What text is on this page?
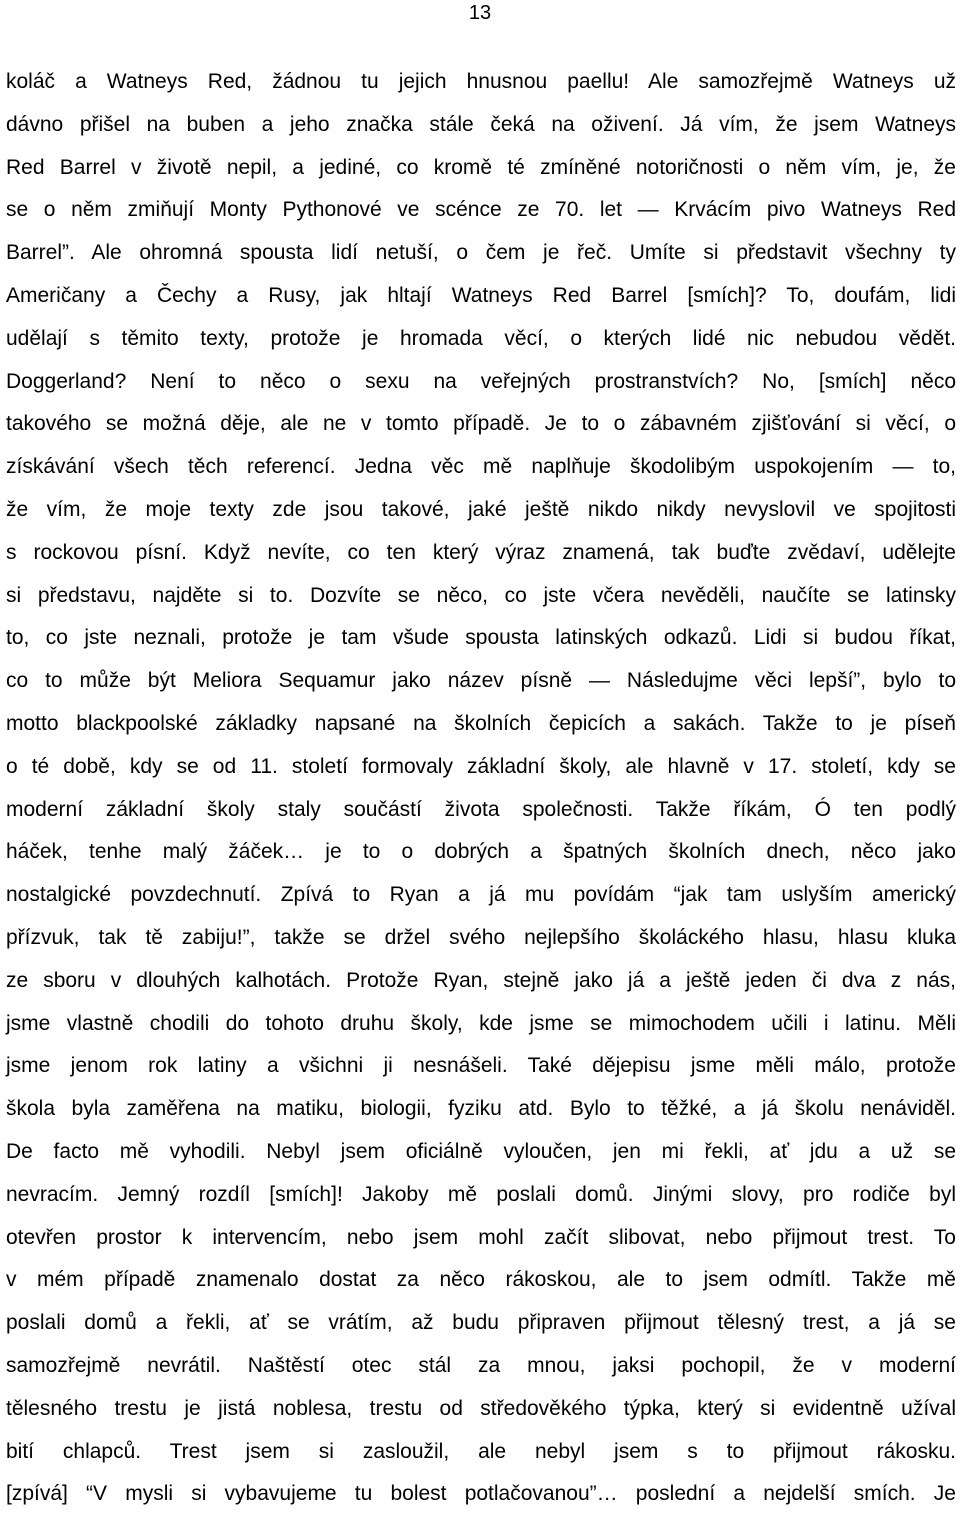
13
koláč a Watneys Red, žádnou tu jejich hnusnou paellu! Ale samozřejmě Watneys už
dávno přišel na buben a jeho značka stále čeká na oživení. Já vím, že jsem Watneys
Red Barrel v životě nepil, a jediné, co kromě té zmíněné notoričnosti o něm vím, je, že
se o něm zmiňují Monty Pythonové ve scénce ze 70. let — Krvácím pivo Watneys Red
Barrel”. Ale ohromná spousta lidí netuší, o čem je řeč. Umíte si představit všechny ty
Američany a Čechy a Rusy, jak hltají Watneys Red Barrel [smích]? To, doufám, lidi
udělají s těmito texty, protože je hromada věcí, o kterých lidé nic nebudou vědět.
Doggerland? Není to něco o sexu na veřejných prostranstvích? No, [smích] něco
takového se možná děje, ale ne v tomto případě. Je to o zábavném zjišťování si věcí, o
získávání všech těch referencí. Jedna věc mě naplňuje škodolibým uspokojením — to,
že vím, že moje texty zde jsou takové, jaké ještě nikdo nikdy nevyslovil ve spojitosti
s rockovou písní. Když nevíte, co ten který výraz znamená, tak buďte zvědaví, udělejte
si představu, najděte si to. Dozvíte se něco, co jste včera nevěděli, naučíte se latinsky
to, co jste neznali, protože je tam všude spousta latinských odkazů. Lidi si budou říkat,
co to může být Meliora Sequamur jako název písně — Následujme věci lepší”, bylo to
motto blackpoolské základky napsané na školních čepicích a sakách. Takže to je píseň
o té době, kdy se od 11. století formovaly základní školy, ale hlavně v 17. století, kdy se
moderní základní školy staly součástí života společnosti. Takže říkám, Ó ten podlý
háček, tenhe malý žáček… je to o dobrých a špatných školních dnech, něco jako
nostalgické povzdechnutí. Zpívá to Ryan a já mu povídám “jak tam uslyším americký
přízvuk, tak tě zabiju!”, takže se držel svého nejlepšího školáckého hlasu, hlasu kluka
ze sboru v dlouhých kalhotách. Protože Ryan, stejně jako já a ještě jeden či dva z nás,
jsme vlastně chodili do tohoto druhu školy, kde jsme se mimochodem učili i latinu. Měli
jsme jenom rok latiny a všichni ji nesnášeli. Také dějepisu jsme měli málo, protože
škola byla zaměřena na matiku, biologii, fyziku atd. Bylo to těžké, a já školu nenáviděl.
De facto mě vyhodili. Nebyl jsem oficiálně vyloučen, jen mi řekli, ať jdu a už se
nevracím. Jemný rozdíl [smích]! Jakoby mě poslali domů. Jinými slovy, pro rodiče byl
otevřen prostor k intervencím, nebo jsem mohl začít slibovat, nebo přijmout trest. To
v mém případě znamenalo dostat za něco rákoskou, ale to jsem odmítl. Takže mě
poslali domů a řekli, ať se vrátím, až budu připraven přijmout tělesný trest, a já se
samozřejmě nevrátil. Naštěstí otec stál za mnou, jaksi pochopil, že v moderní
tělesného trestu je jistá noblesa, trestu od středověkého týpka, který si evidentně užíval
bití chlapců. Trest jsem si zasloužil, ale nebyl jsem s to přijmout rákosku.
[zpívá] “V mysli si vybavujeme tu bolest potlačovanou”… poslední a nejdelší smích. Je
